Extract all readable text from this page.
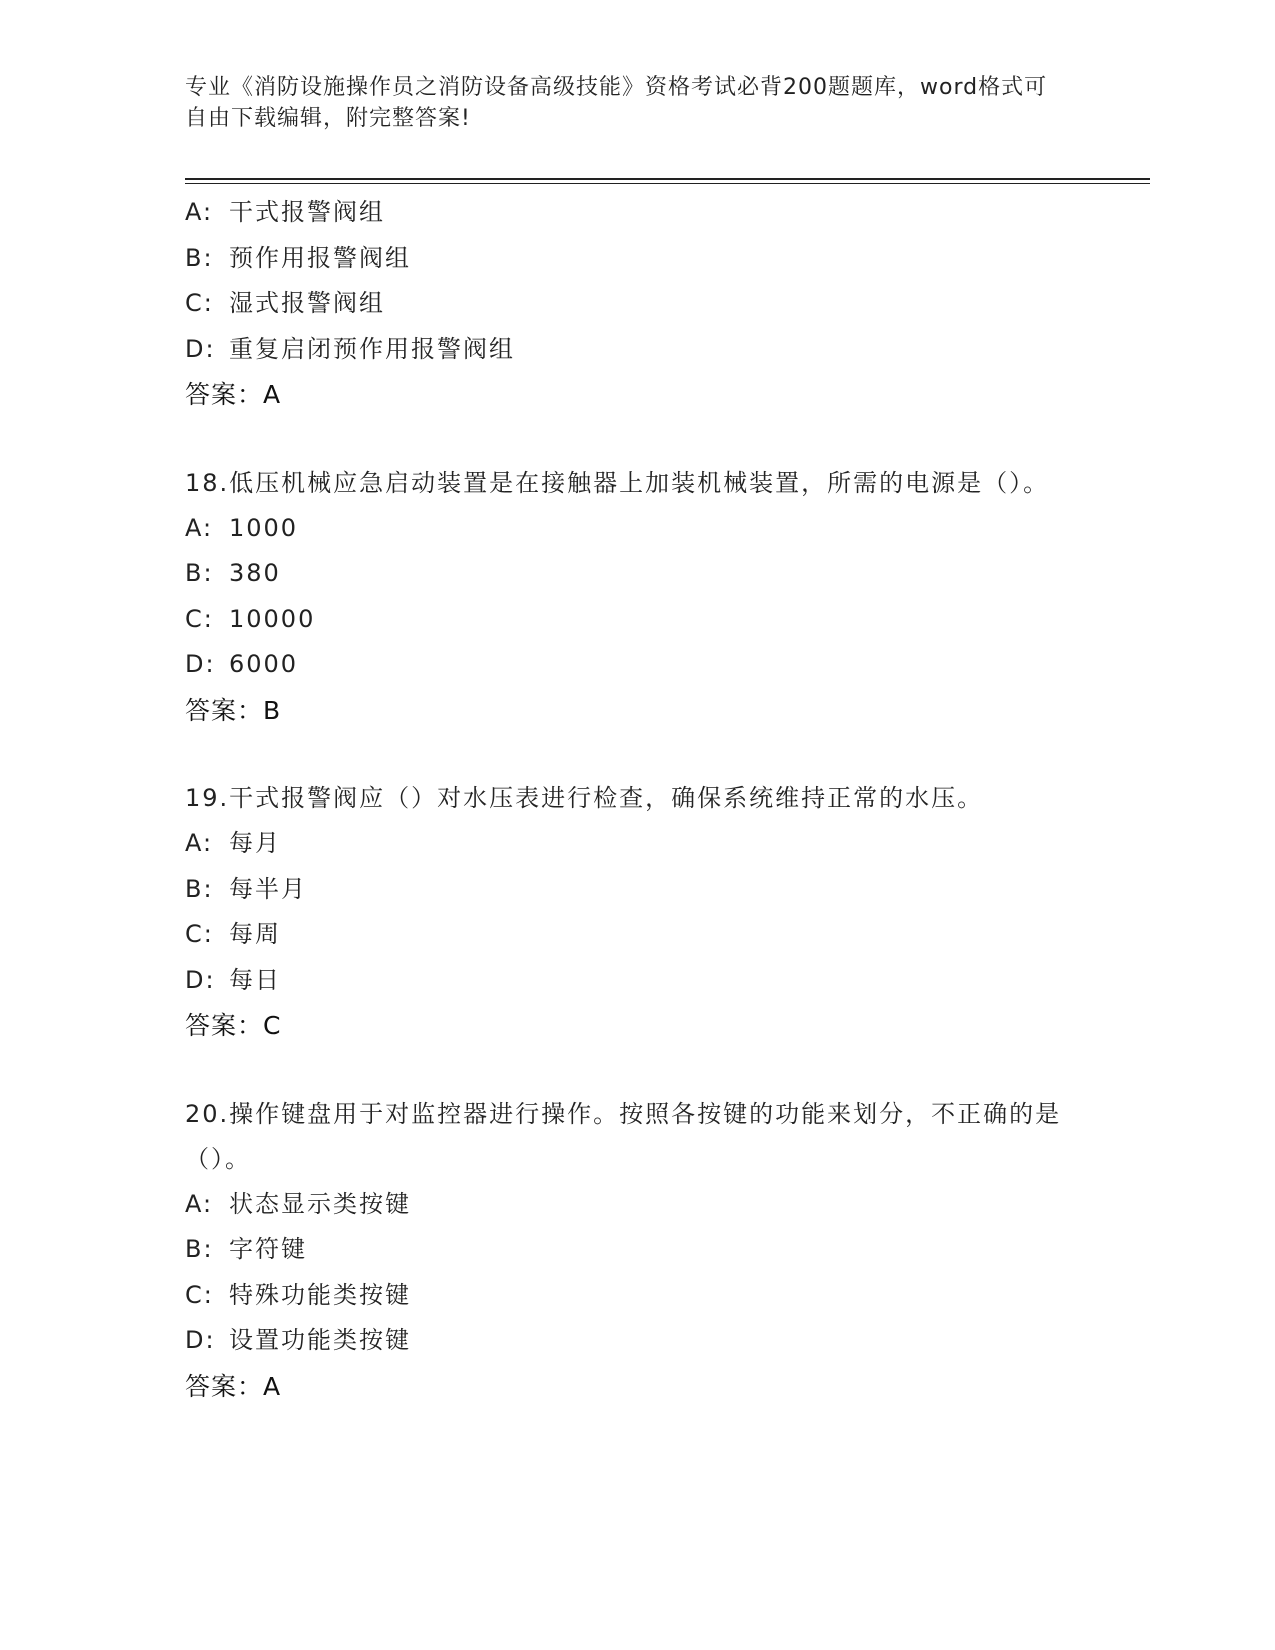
专业《消防设施操作员之消防设备高级技能》资格考试必背200题题库，word格式可自由下载编辑，附完整答案!
A: 干式报警阀组
B: 预作用报警阀组
C: 湿式报警阀组
D: 重复启闭预作用报警阀组
答案：A
18.低压机械应急启动装置是在接触器上加装机械装置，所需的电源是（）。
A: 1000
B: 380
C: 10000
D: 6000
答案：B
19.干式报警阀应（）对水压表进行检查，确保系统维持正常的水压。
A: 每月
B: 每半月
C: 每周
D: 每日
答案：C
20.操作键盘用于对监控器进行操作。按照各按键的功能来划分，不正确的是（）。
A: 状态显示类按键
B: 字符键
C: 特殊功能类按键
D: 设置功能类按键
答案：A
